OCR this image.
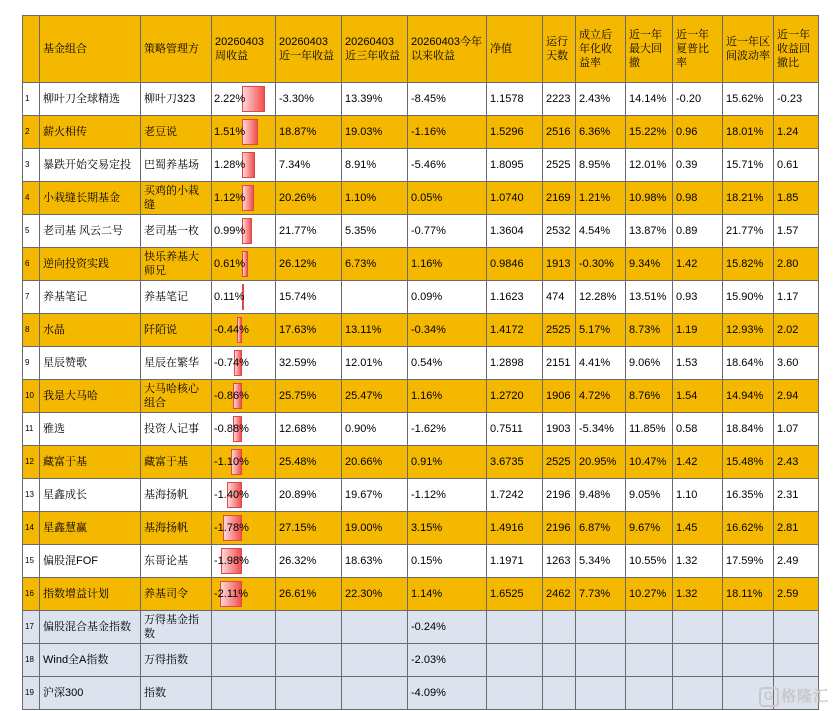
	基金组合	策略管理方	20260403周收益	20260403近一年收益	20260403近三年收益	20260403今年以来收益	净值	运行天数	成立后年化收益率	近一年最大回撤	近一年夏普比率	近一年区间波动率	近一年收益回撤比
1	柳叶刀全球精选	柳叶刀323	2.22%	-3.30%	13.39%	-8.45%	1.1578	2223	2.43%	14.14%	-0.20	15.62%	-0.23
2	薪火相传	老豆说	1.51%	18.87%	19.03%	-1.16%	1.5296	2516	6.36%	15.22%	0.96	18.01%	1.24
3	暴跌开始交易定投	巴蜀养基场	1.28%	7.34%	8.91%	-5.46%	1.8095	2525	8.95%	12.01%	0.39	15.71%	0.61
4	小栽缝长期基金	买鸡的小栽缝	1.12%	20.26%	1.10%	0.05%	1.0740	2169	1.21%	10.98%	0.98	18.21%	1.85
5	老司基 风云二号	老司基一枚	0.99%	21.77%	5.35%	-0.77%	1.3604	2532	4.54%	13.87%	0.89	21.77%	1.57
6	逆向投资实践	快乐养基大师兄	0.61%	26.12%	6.73%	1.16%	0.9846	1913	-0.30%	9.34%	1.42	15.82%	2.80
7	养基笔记	养基笔记	0.11%	15.74%		0.09%	1.1623	474	12.28%	13.51%	0.93	15.90%	1.17
8	水晶	阡陌说	-0.44%	17.63%	13.11%	-0.34%	1.4172	2525	5.17%	8.73%	1.19	12.93%	2.02
9	星辰赞歌	星辰在繁华	-0.74%	32.59%	12.01%	0.54%	1.2898	2151	4.41%	9.06%	1.53	18.64%	3.60
10	我是大马哈	大马哈核心组合	-0.86%	25.75%	25.47%	1.16%	1.2720	1906	4.72%	8.76%	1.54	14.94%	2.94
11	雅选	投资人记事	-0.88%	12.68%	0.90%	-1.62%	0.7511	1903	-5.34%	11.85%	0.58	18.84%	1.07
12	藏富于基	藏富于基	-1.10%	25.48%	20.66%	0.91%	3.6735	2525	20.95%	10.47%	1.42	15.48%	2.43
13	星鑫成长	基海扬帆	-1.40%	20.89%	19.67%	-1.12%	1.7242	2196	9.48%	9.05%	1.10	16.35%	2.31
14	星鑫慧赢	基海扬帆	-1.78%	27.15%	19.00%	3.15%	1.4916	2196	6.87%	9.67%	1.45	16.62%	2.81
15	偏股混FOF	东哥论基	-1.98%	26.32%	18.63%	0.15%	1.1971	1263	5.34%	10.55%	1.32	17.59%	2.49
16	指数增益计划	养基司令	-2.11%	26.61%	22.30%	1.14%	1.6525	2462	7.73%	10.27%	1.32	18.11%	2.59
17	偏股混合基金指数	万得基金指数				-0.24%							
18	Wind全A指数	万得指数				-2.03%							
19	沪深300	指数				-4.09%								G 格隆汇
